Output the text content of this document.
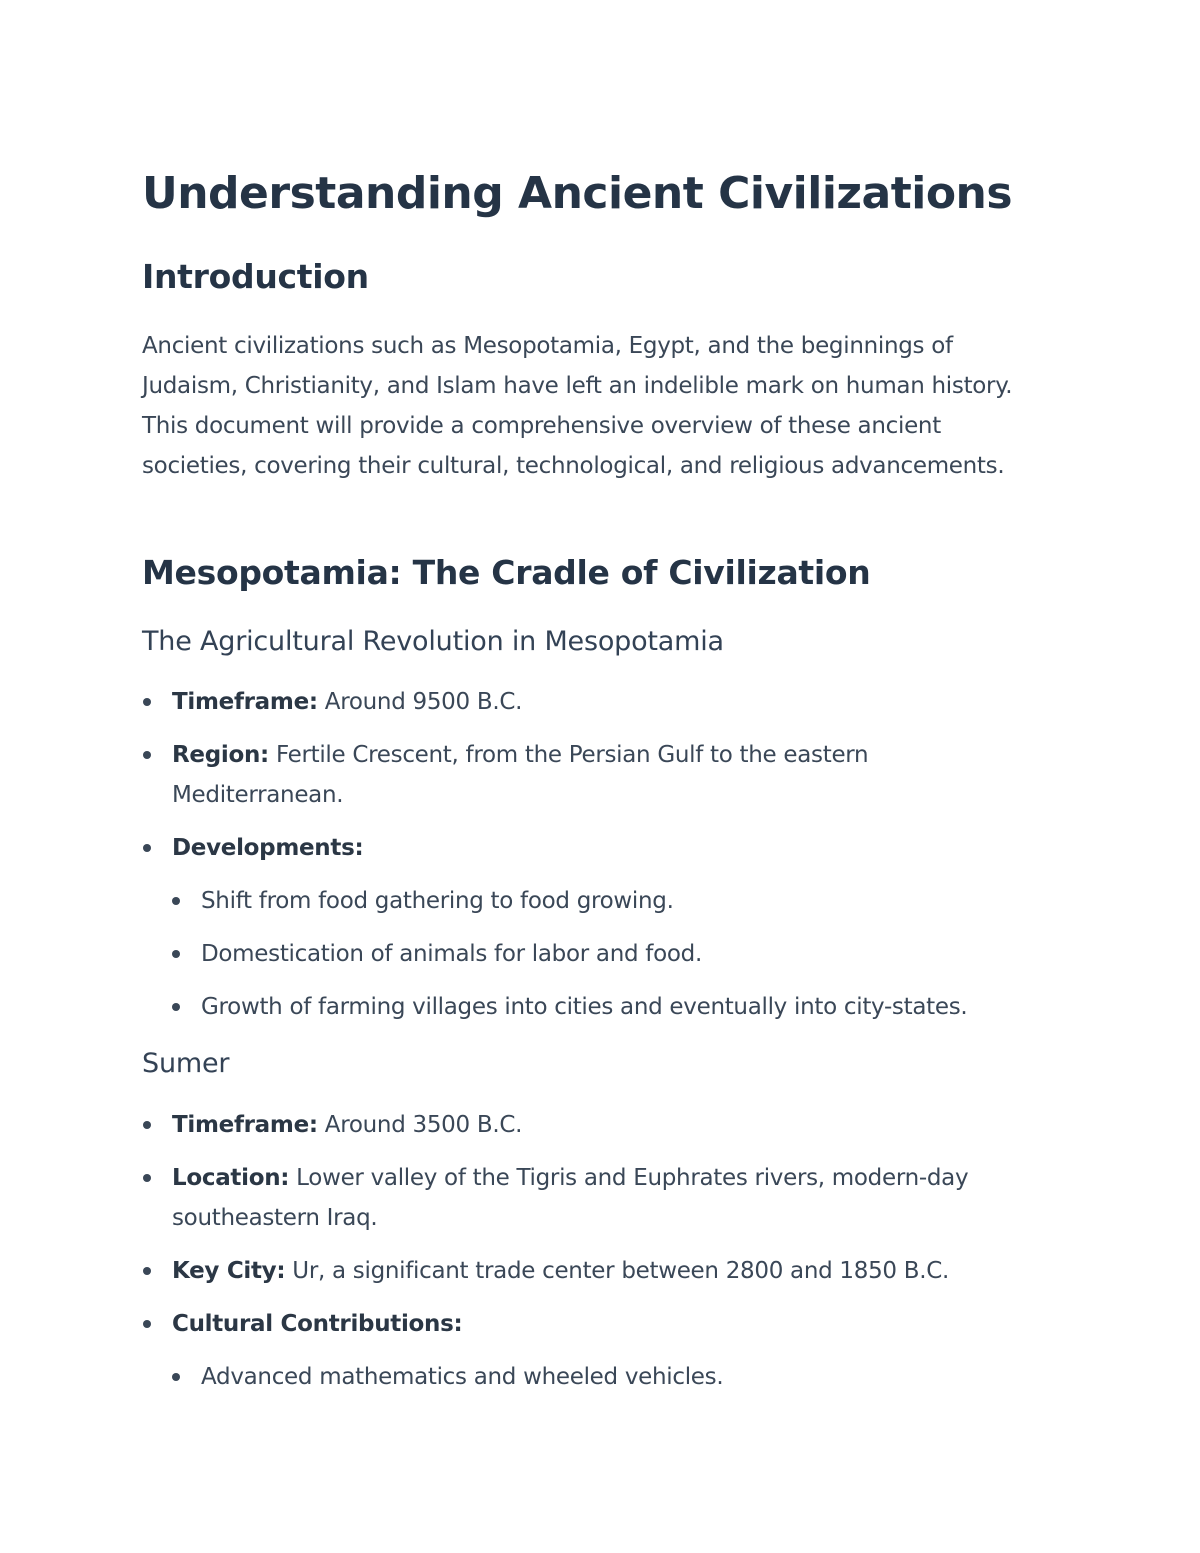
Understanding Ancient Civilizations
Introduction

Ancient civilizations such as Mesopotamia, Egypt, and the beginnings of Judaism, Christianity, and Islam have left an indelible mark on human history. This document will provide a comprehensive overview of these ancient societies, covering their cultural, technological, and religious advancements.

Mesopotamia: The Cradle of Civilization
The Agricultural Revolution in Mesopotamia
Timeframe: Around 9500 B.C.
Region: Fertile Crescent, from the Persian Gulf to the eastern Mediterranean.
Developments:
Shift from food gathering to food growing.
Domestication of animals for labor and food.
Growth of farming villages into cities and eventually into city-states.
Sumer
Timeframe: Around 3500 B.C.
Location: Lower valley of the Tigris and Euphrates rivers, modern-day southeastern Iraq.
Key City: Ur, a significant trade center between 2800 and 1850 B.C.
Cultural Contributions:
Advanced mathematics and wheeled vehicles.
